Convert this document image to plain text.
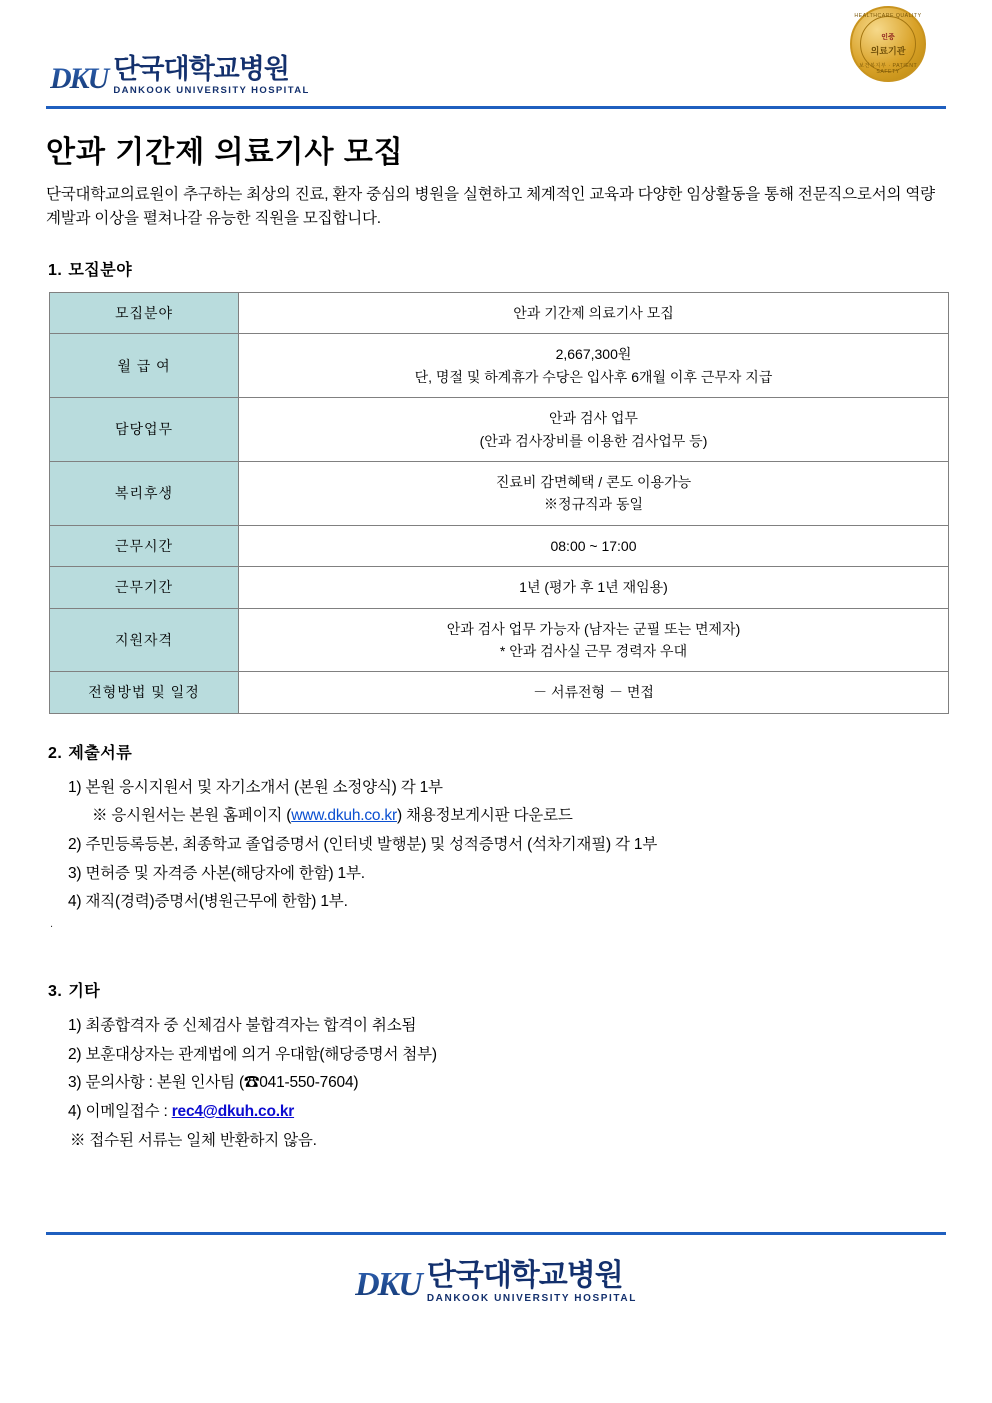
DKU 단국대학교병원
DANKOOK UNIVERSITY HOSPITAL
HEALTHCARE QUALITY
인증
의료기관
보건복지부 · PATIENT SAFETY
안과 기간제 의료기사 모집

단국대학교의료원이 추구하는 최상의 진료, 환자 중심의 병원을 실현하고 체계적인 교육과 다양한 임상활동을 통해 전문직으로서의 역량계발과 이상을 펼쳐나갈 유능한 직원을 모집합니다.

1. 모집분야
모집분야	안과 기간제 의료기사 모집

월 급 여	2,667,300원
단, 명절 및 하계휴가 수당은 입사후 6개월 이후 근무자 지급

담당업무	안과 검사 업무
(안과 검사장비를 이용한 검사업무 등)

복리후생	진료비 감면혜택 / 콘도 이용가능
※정규직과 동일

근무시간	08:00 ~ 17:00

근무기간	1년 (평가 후 1년 재임용)

지원자격	안과 검사 업무 가능자 (남자는 군필 또는 면제자)
* 안과 검사실 근무 경력자 우대

전형방법 및 일정	－ 서류전형 － 면접
2. 제출서류
1) 본원 응시지원서 및 자기소개서 (본원 소정양식) 각 1부
※ 응시원서는 본원 홈페이지 (www.dkuh.co.kr) 채용정보게시판 다운로드
2) 주민등록등본, 최종학교 졸업증명서 (인터넷 발행분) 및 성적증명서 (석차기재필) 각 1부
3) 면허증 및 자격증 사본(해당자에 한함) 1부.
4) 재직(경력)증명서(병원근무에 한함) 1부.
.
3. 기타
1) 최종합격자 중 신체검사 불합격자는 합격이 취소됨
2) 보훈대상자는 관계법에 의거 우대함(해당증명서 첨부)
3) 문의사항 : 본원 인사팀 (☎041-550-7604)
4) 이메일접수 : rec4@dkuh.co.kr
※ 접수된 서류는 일체 반환하지 않음.
DKU 단국대학교병원
DANKOOK UNIVERSITY HOSPITAL
